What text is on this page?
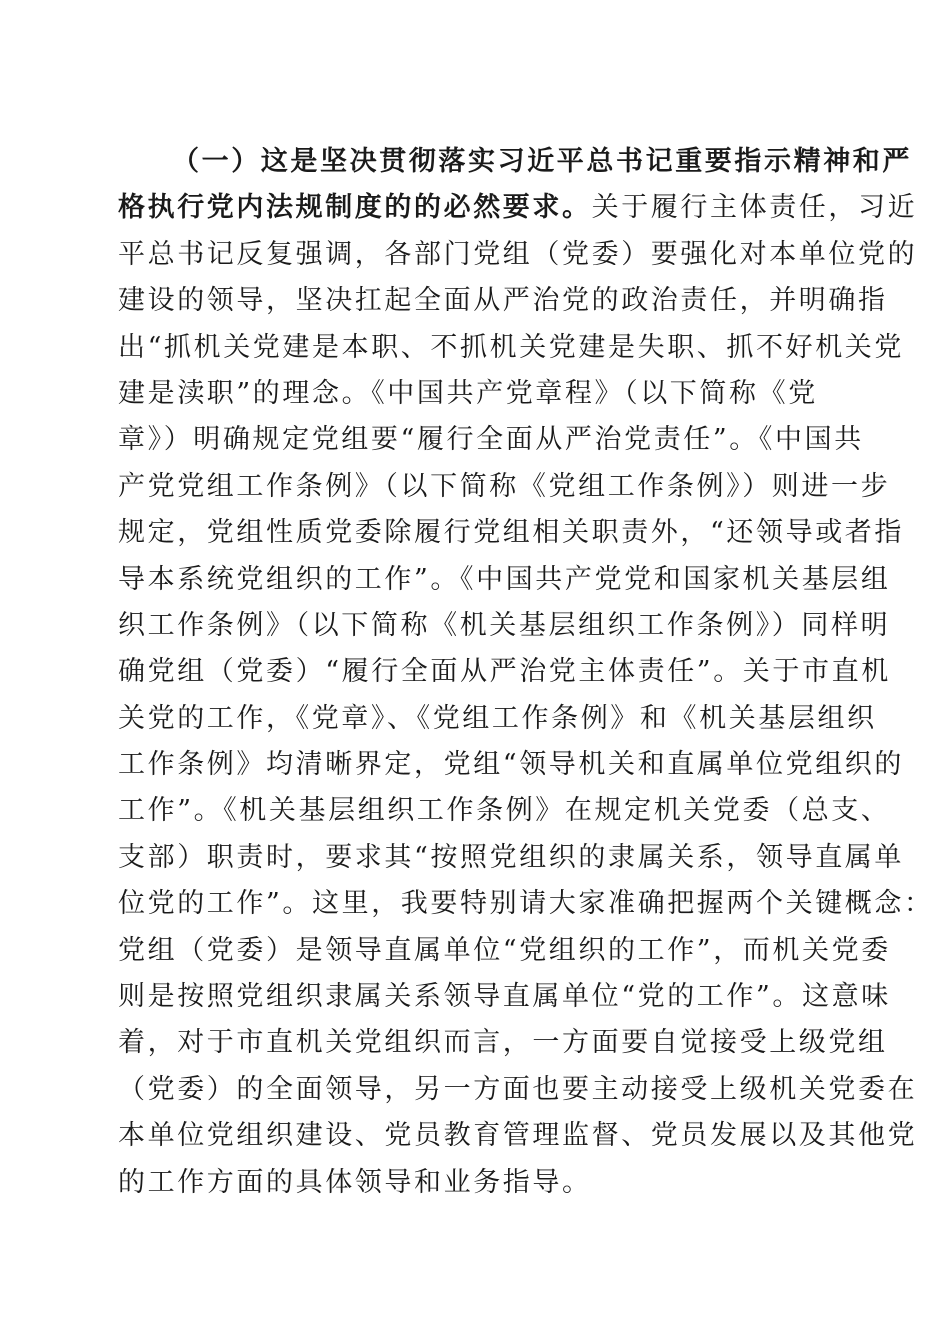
（一）这是坚决贯彻落实习近平总书记重要指示精神和严
格执行党内法规制度的的必然要求。关于履行主体责任，习近
平总书记反复强调，各部门党组（党委）要强化对本单位党的
建设的领导，坚决扛起全面从严治党的政治责任，并明确指
出“抓机关党建是本职、不抓机关党建是失职、抓不好机关党
建是渎职”的理念。《中国共产党章程》（以下简称《党
章》）明确规定党组要“履行全面从严治党责任”。《中国共
产党党组工作条例》（以下简称《党组工作条例》）则进一步
规定，党组性质党委除履行党组相关职责外，“还领导或者指
导本系统党组织的工作”。《中国共产党党和国家机关基层组
织工作条例》（以下简称《机关基层组织工作条例》）同样明
确党组（党委）“履行全面从严治党主体责任”。关于市直机
关党的工作，《党章》、《党组工作条例》和《机关基层组织
工作条例》均清晰界定，党组“领导机关和直属单位党组织的
工作”。《机关基层组织工作条例》在规定机关党委（总支、
支部）职责时，要求其“按照党组织的隶属关系，领导直属单
位党的工作”。这里，我要特别请大家准确把握两个关键概念：
党组（党委）是领导直属单位“党组织的工作”，而机关党委
则是按照党组织隶属关系领导直属单位“党的工作”。这意味
着，对于市直机关党组织而言，一方面要自觉接受上级党组
（党委）的全面领导，另一方面也要主动接受上级机关党委在
本单位党组织建设、党员教育管理监督、党员发展以及其他党
的工作方面的具体领导和业务指导。
